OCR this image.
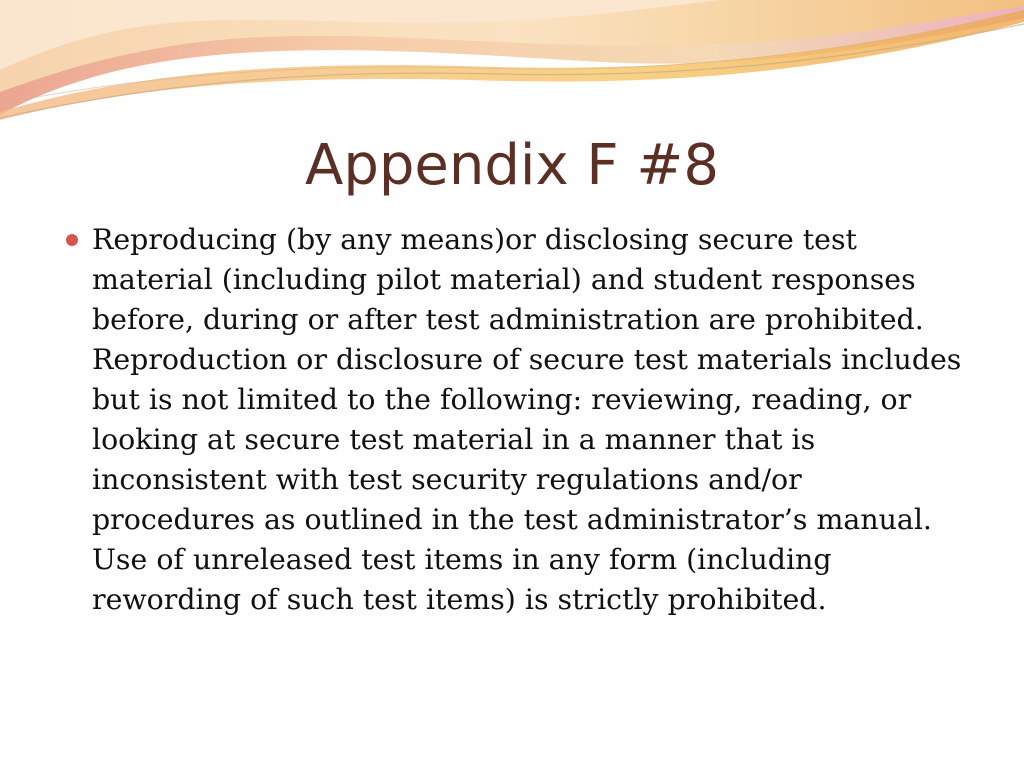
Appendix F #8
Reproducing (by any means)or disclosing secure test material (including pilot material) and student responses before, during or after test administration are prohibited. Reproduction or disclosure of secure test materials includes but is not limited to the following: reviewing, reading, or looking at secure test material in a manner that is inconsistent with test security regulations and/or procedures as outlined in the test administrator’s manual. Use of unreleased test items in any form (including rewording of such test items) is strictly prohibited.
